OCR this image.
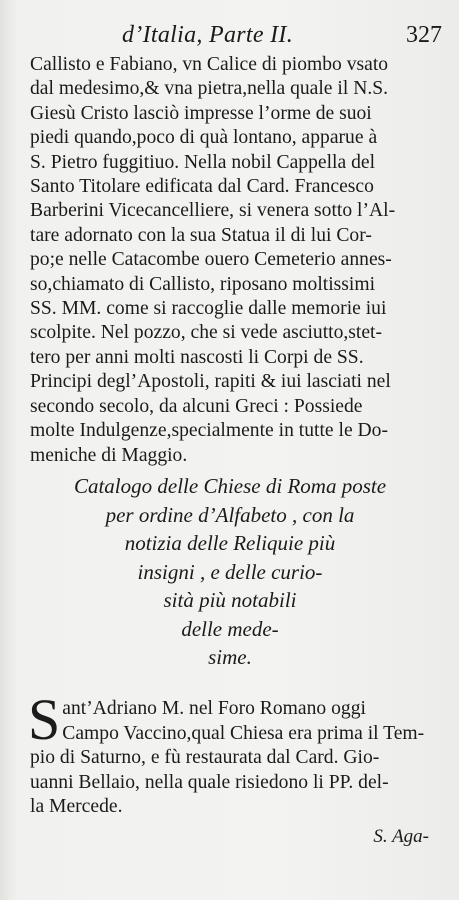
d’Italia, Parte II.	327
Callisto e Fabiano, vn Calice di piombo vsato
dal medesimo,& vna pietra,nella quale il N.S.
Giesù Cristo lasciò impresse l’orme de suoi
piedi quando,poco di quà lontano, apparue à
S. Pietro fuggitiuo. Nella nobil Cappella del
Santo Titolare edificata dal Card. Francesco
Barberini Vicecancelliere, si venera sotto l’Al-
tare adornato con la sua Statua il di lui Cor-
po;e nelle Catacombe ouero Cemeterio annes-
so,chiamato di Callisto, riposano moltissimi
SS. MM. come si raccoglie dalle memorie iui
scolpite. Nel pozzo, che si vede asciutto,stet-
tero per anni molti nascosti li Corpi de SS.
Principi degl’Apostoli, rapiti & iui lasciati nel
secondo secolo, da alcuni Greci : Possiede
molte Indulgenze,specialmente in tutte le Do-
meniche di Maggio.
Catalogo delle Chiese di Roma poste
per ordine d’Alfabeto , con la
notizia delle Reliquie più
insigni , e delle curio-
sità più notabili
delle mede-
sime.
S ant’Adriano M. nel Foro Romano oggi
Campo Vaccino,qual Chiesa era prima il Tem-
pio di Saturno, e fù restaurata dal Card. Gio-
uanni Bellaio, nella quale risiedono li PP. del-
la Mercede.
S. Aga-
